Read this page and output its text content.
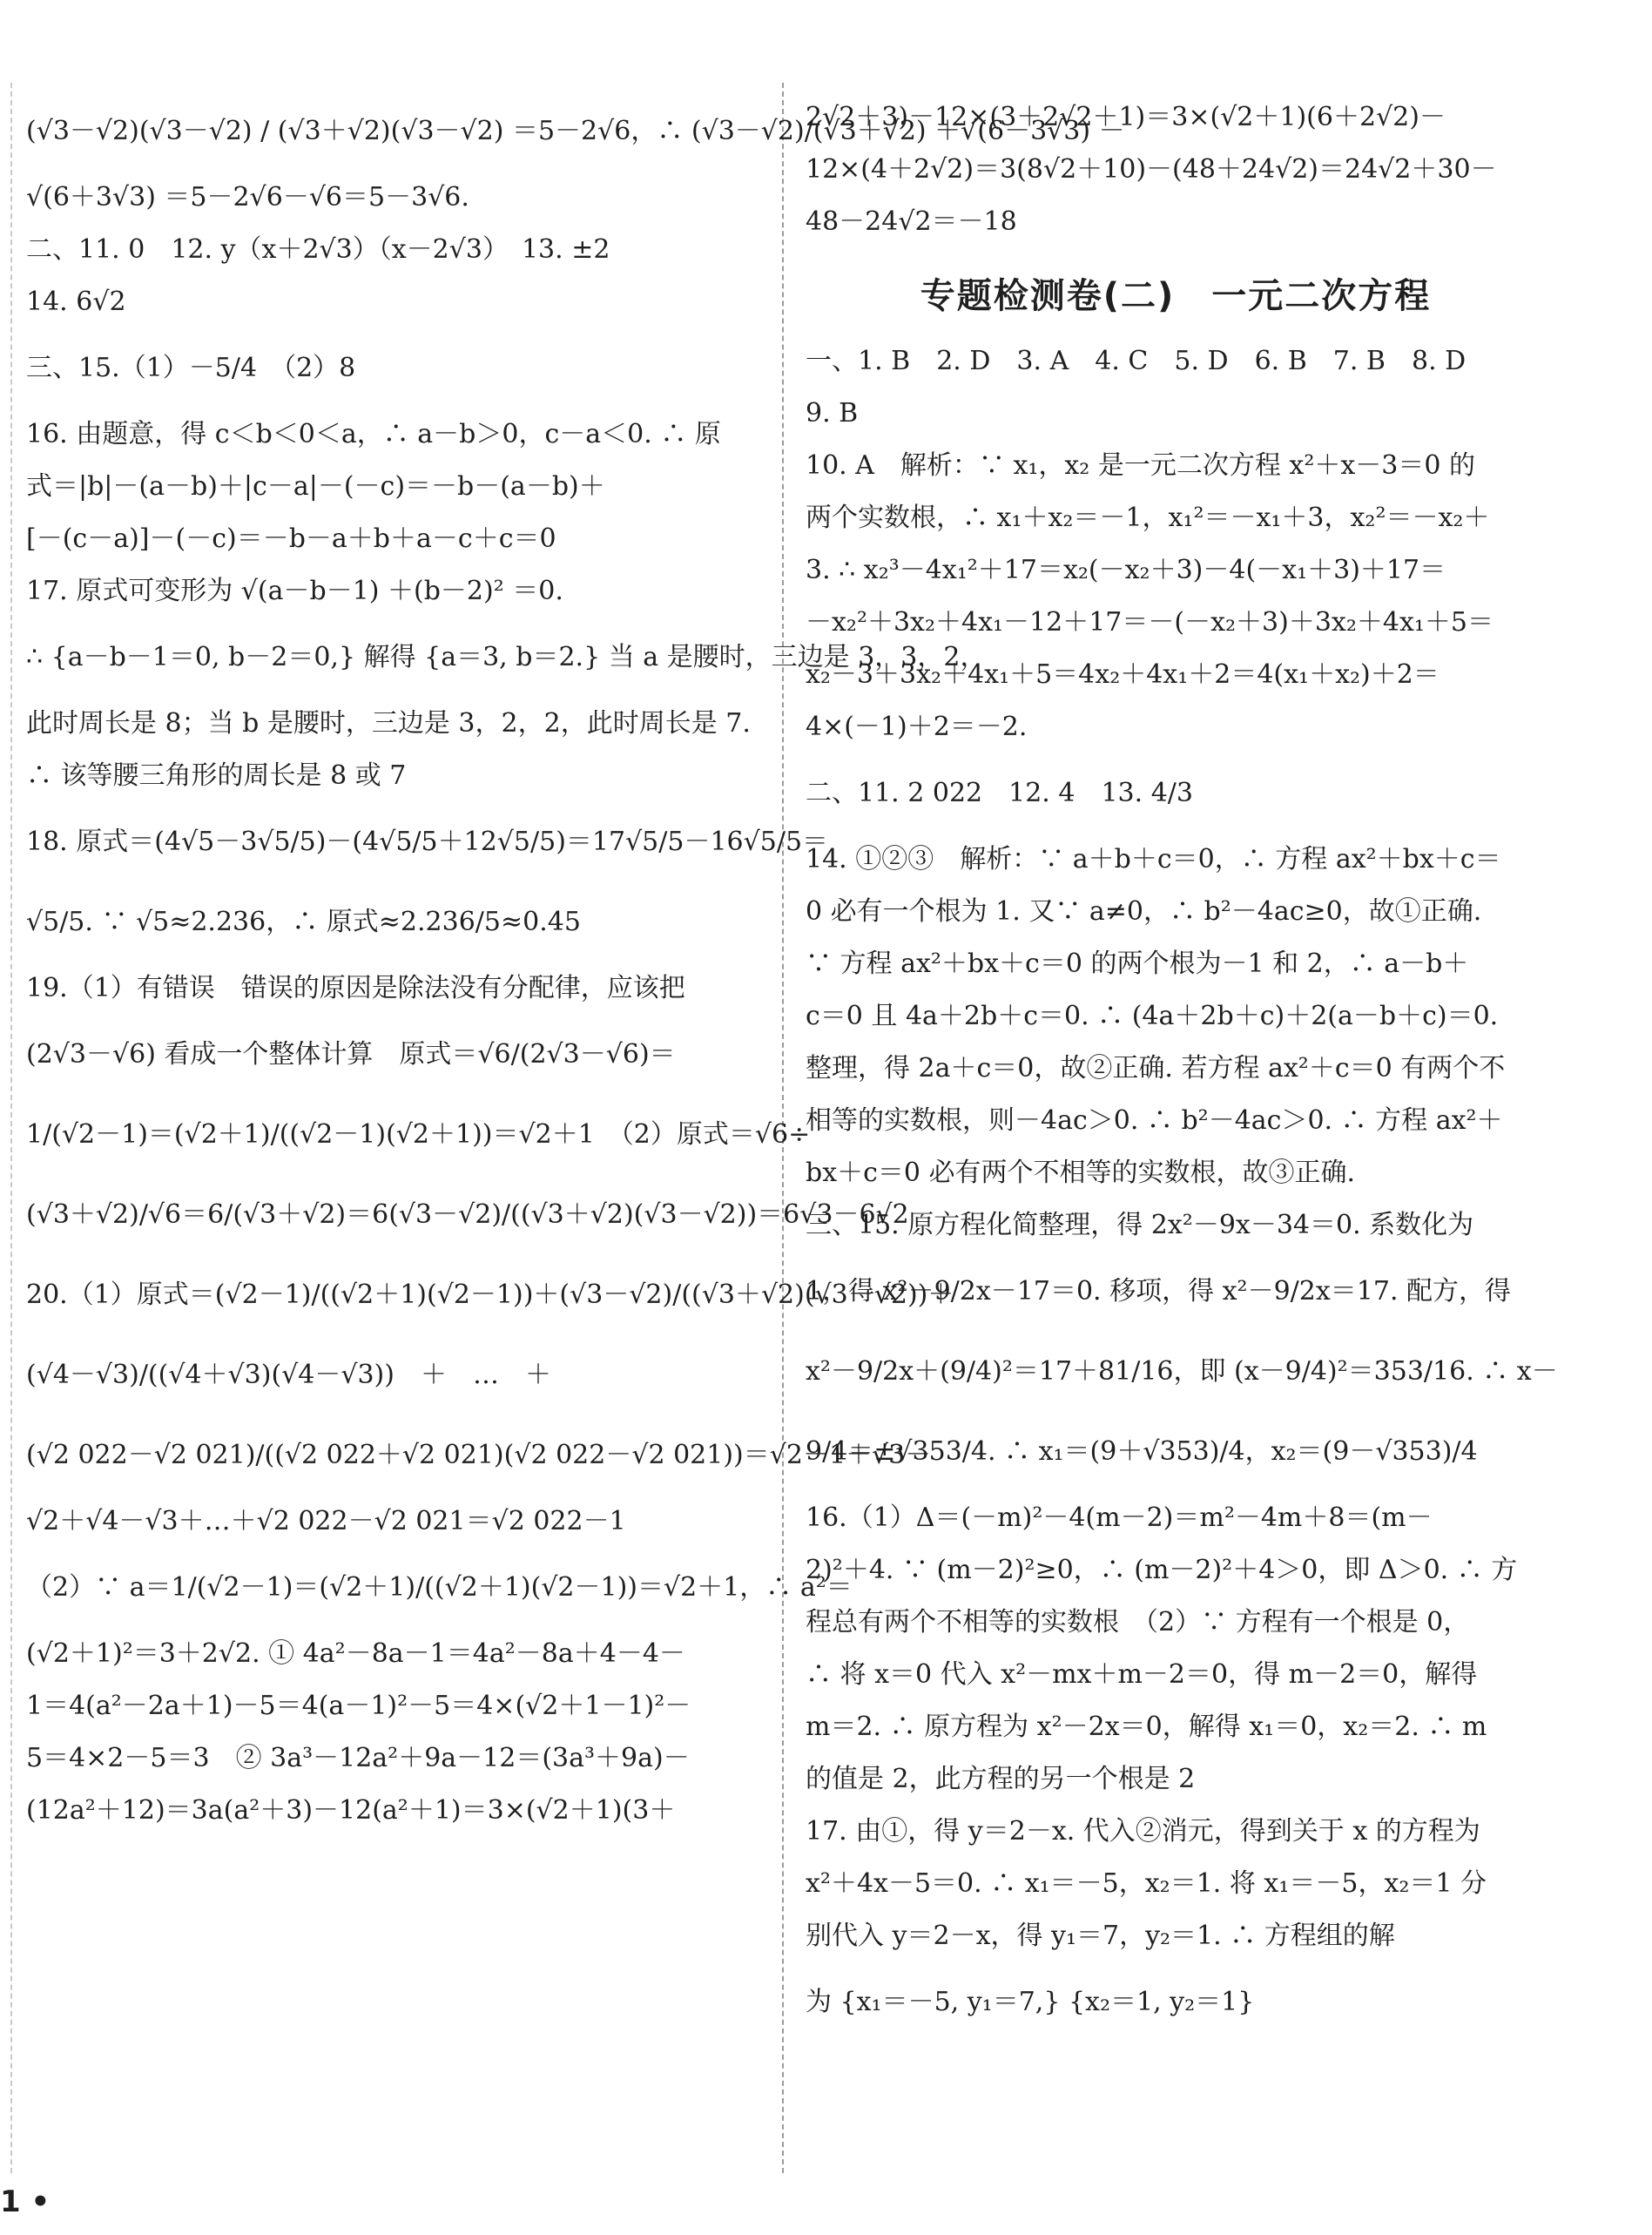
(√3－√2)(√3－√2) / (√3＋√2)(√3－√2) ＝5－2√6，∴ (√3－√2)/(√3＋√2) ＋√(6－3√3) －

√(6＋3√3) ＝5－2√6－√6＝5－3√6.

二、11. 0　12. y（x＋2√3）（x－2√3）　13. ±2

14. 6√2

三、15.（1）－5/4　（2）8

16. 由题意，得 c＜b＜0＜a，∴ a－b＞0，c－a＜0. ∴ 原

式＝|b|－(a－b)＋|c－a|－(－c)＝－b－(a－b)＋

[－(c－a)]－(－c)＝－b－a＋b＋a－c＋c＝0

17. 原式可变形为 √(a－b－1) ＋(b－2)² ＝0.

∴ {a－b－1＝0, b－2＝0,} 解得 {a＝3, b＝2.} 当 a 是腰时，三边是 3，3，2，

此时周长是 8；当 b 是腰时，三边是 3，2，2，此时周长是 7.

∴ 该等腰三角形的周长是 8 或 7

18. 原式＝(4√5－3√5/5)－(4√5/5＋12√5/5)＝17√5/5－16√5/5＝

√5/5. ∵ √5≈2.236，∴ 原式≈2.236/5≈0.45

19.（1）有错误　错误的原因是除法没有分配律，应该把

(2√3－√6) 看成一个整体计算　原式＝√6/(2√3－√6)＝

1/(√2－1)＝(√2＋1)/((√2－1)(√2＋1))＝√2＋1　（2）原式＝√6÷

(√3＋√2)/√6＝6/(√3＋√2)＝6(√3－√2)/((√3＋√2)(√3－√2))＝6√3－6√2

20.（1）原式＝(√2－1)/((√2＋1)(√2－1))＋(√3－√2)/((√3＋√2)(√3－√2))＋

(√4－√3)/((√4＋√3)(√4－√3))　＋　…　＋

(√2 022－√2 021)/((√2 022＋√2 021)(√2 022－√2 021))＝√2－1＋√3－

√2＋√4－√3＋…＋√2 022－√2 021＝√2 022－1

（2）∵ a＝1/(√2－1)＝(√2＋1)/((√2＋1)(√2－1))＝√2＋1，∴ a²＝

(√2＋1)²＝3＋2√2. ① 4a²－8a－1＝4a²－8a＋4－4－

1＝4(a²－2a＋1)－5＝4(a－1)²－5＝4×(√2＋1－1)²－

5＝4×2－5＝3　② 3a³－12a²＋9a－12＝(3a³＋9a)－

(12a²＋12)＝3a(a²＋3)－12(a²＋1)＝3×(√2＋1)(3＋

2√2＋3)－12×(3＋2√2＋1)＝3×(√2＋1)(6＋2√2)－

12×(4＋2√2)＝3(8√2＋10)－(48＋24√2)＝24√2＋30－

48－24√2＝－18

专题检测卷(二)　一元二次方程

一、1. B　2. D　3. A　4. C　5. D　6. B　7. B　8. D

9. B

10. A　解析：∵ x₁，x₂ 是一元二次方程 x²＋x－3＝0 的

两个实数根，∴ x₁＋x₂＝－1，x₁²＝－x₁＋3，x₂²＝－x₂＋

3. ∴ x₂³－4x₁²＋17＝x₂(－x₂＋3)－4(－x₁＋3)＋17＝

－x₂²＋3x₂＋4x₁－12＋17＝－(－x₂＋3)＋3x₂＋4x₁＋5＝

x₂－3＋3x₂＋4x₁＋5＝4x₂＋4x₁＋2＝4(x₁＋x₂)＋2＝

4×(－1)＋2＝－2.

二、11. 2 022　12. 4　13. 4/3

14. ①②③　解析：∵ a＋b＋c＝0，∴ 方程 ax²＋bx＋c＝

0 必有一个根为 1. 又∵ a≠0，∴ b²－4ac≥0，故①正确.

∵ 方程 ax²＋bx＋c＝0 的两个根为－1 和 2，∴ a－b＋

c＝0 且 4a＋2b＋c＝0. ∴ (4a＋2b＋c)＋2(a－b＋c)＝0.

整理，得 2a＋c＝0，故②正确. 若方程 ax²＋c＝0 有两个不

相等的实数根，则－4ac＞0. ∴ b²－4ac＞0. ∴ 方程 ax²＋

bx＋c＝0 必有两个不相等的实数根，故③正确.

三、15. 原方程化简整理，得 2x²－9x－34＝0. 系数化为

1，得 x²－9/2x－17＝0. 移项，得 x²－9/2x＝17. 配方，得

x²－9/2x＋(9/4)²＝17＋81/16，即 (x－9/4)²＝353/16. ∴ x－

9/4＝±√353/4. ∴ x₁＝(9＋√353)/4，x₂＝(9－√353)/4

16.（1）Δ＝(－m)²－4(m－2)＝m²－4m＋8＝(m－

2)²＋4. ∵ (m－2)²≥0，∴ (m－2)²＋4＞0，即 Δ＞0. ∴ 方

程总有两个不相等的实数根　（2）∵ 方程有一个根是 0，

∴ 将 x＝0 代入 x²－mx＋m－2＝0，得 m－2＝0，解得

m＝2. ∴ 原方程为 x²－2x＝0，解得 x₁＝0，x₂＝2. ∴ m

的值是 2，此方程的另一个根是 2

17. 由①，得 y＝2－x. 代入②消元，得到关于 x 的方程为

x²＋4x－5＝0. ∴ x₁＝－5，x₂＝1. 将 x₁＝－5，x₂＝1 分

别代入 y＝2－x，得 y₁＝7，y₂＝1. ∴ 方程组的解

为 {x₁＝－5, y₁＝7,} {x₂＝1, y₂＝1}

1 •
